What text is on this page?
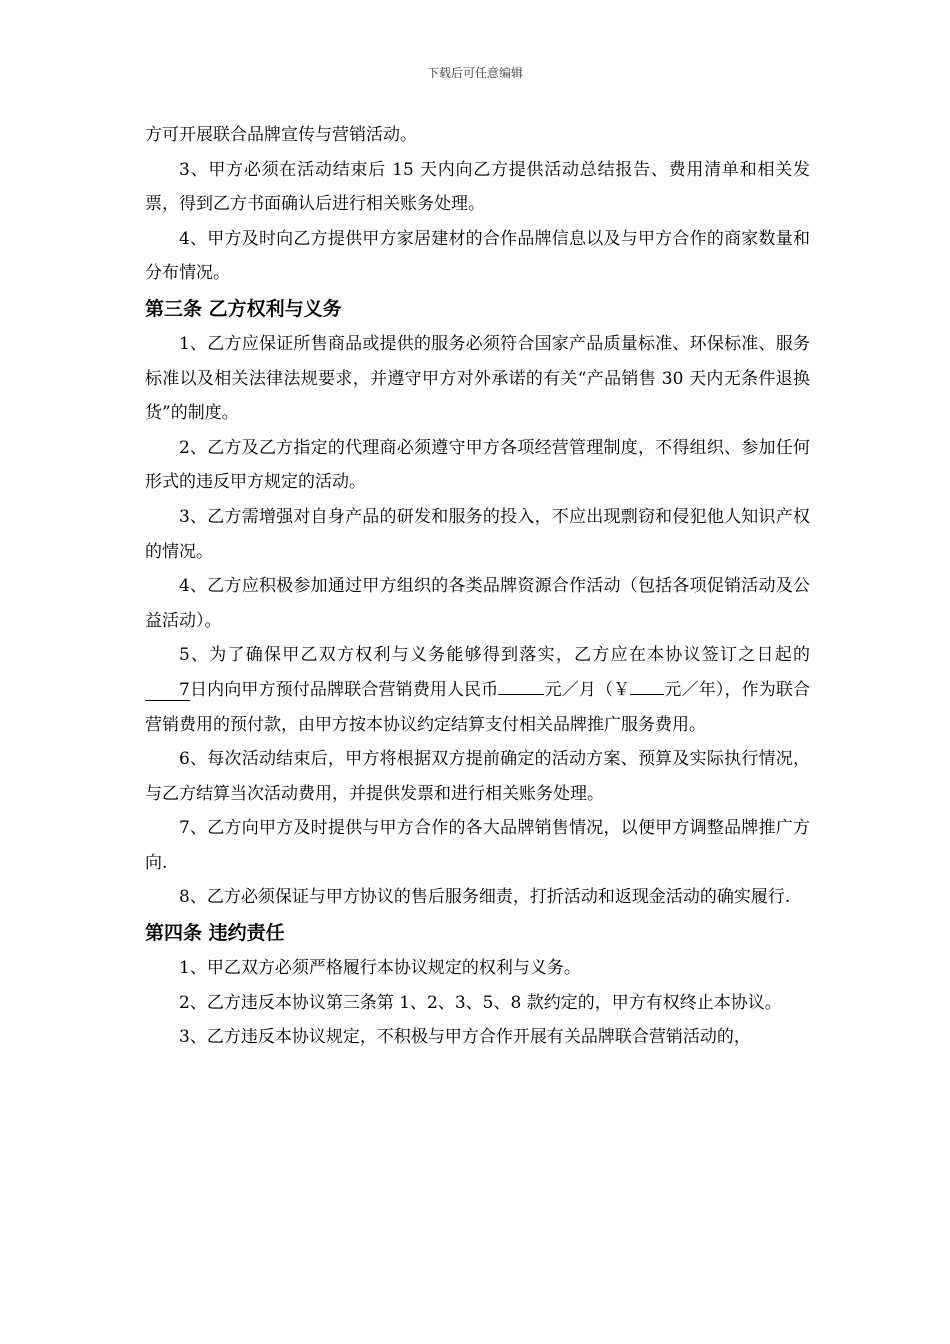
下载后可任意编辑

方可开展联合品牌宣传与营销活动。

3、甲方必须在活动结束后 15 天内向乙方提供活动总结报告、费用清单和相关发票，得到乙方书面确认后进行相关账务处理。

4、甲方及时向乙方提供甲方家居建材的合作品牌信息以及与甲方合作的商家数量和分布情况。

第三条 乙方权利与义务

1、乙方应保证所售商品或提供的服务必须符合国家产品质量标准、环保标准、服务标准以及相关法律法规要求，并遵守甲方对外承诺的有关“产品销售 30 天内无条件退换货”的制度。

2、乙方及乙方指定的代理商必须遵守甲方各项经营管理制度，不得组织、参加任何形式的违反甲方规定的活动。

3、乙方需增强对自身产品的研发和服务的投入，不应出现剽窃和侵犯他人知识产权的情况。

4、乙方应积极参加通过甲方组织的各类品牌资源合作活动（包括各项促销活动及公益活动）。

5、为了确保甲乙双方权利与义务能够得到落实，乙方应在本协议签订之日起的7日内向甲方预付品牌联合营销费用人民币	元／月（￥ 元／年），作为联合营销费用的预付款，由甲方按本协议约定结算支付相关品牌推广服务费用。

6、每次活动结束后，甲方将根据双方提前确定的活动方案、预算及实际执行情况，与乙方结算当次活动费用，并提供发票和进行相关账务处理。

7、乙方向甲方及时提供与甲方合作的各大品牌销售情况，以便甲方调整品牌推广方向.

8、乙方必须保证与甲方协议的售后服务细责，打折活动和返现金活动的确实履行.

第四条 违约责任

1、甲乙双方必须严格履行本协议规定的权利与义务。

2、乙方违反本协议第三条第 1、2、3、5、8 款约定的，甲方有权终止本协议。

3、乙方违反本协议规定，不积极与甲方合作开展有关品牌联合营销活动的，
